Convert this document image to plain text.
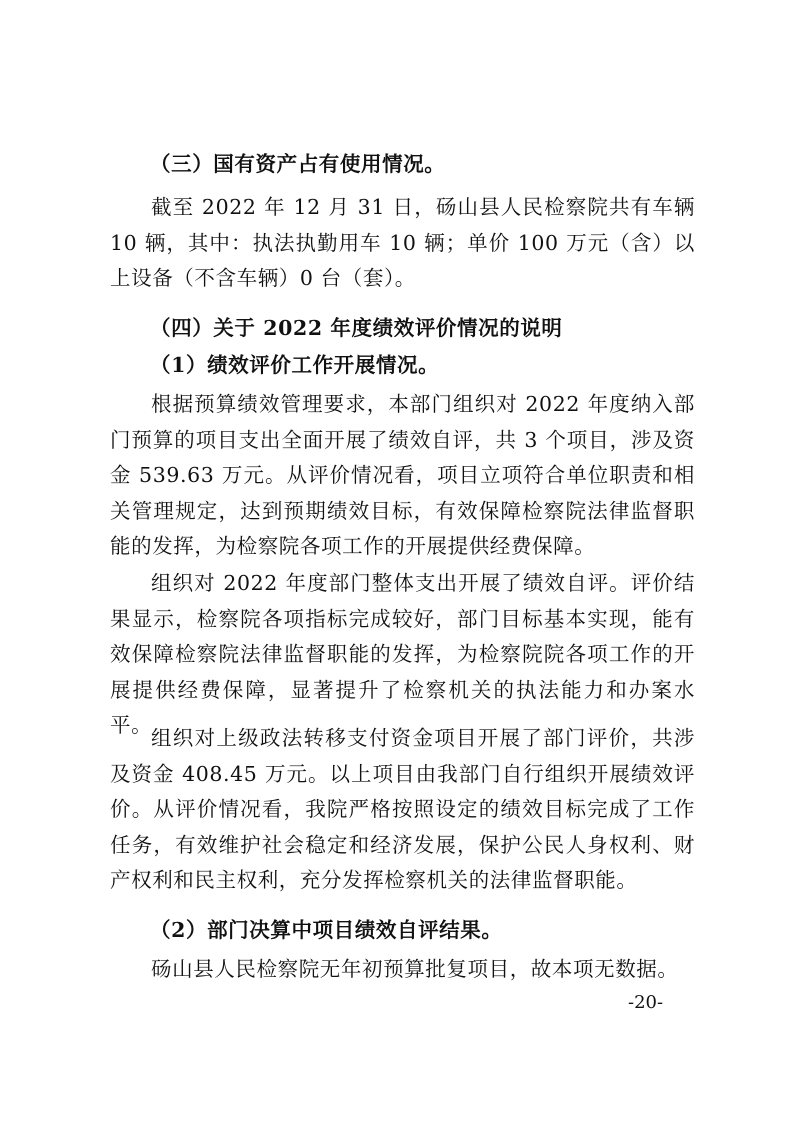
（三）国有资产占有使用情况。

截至 2022 年 12 月 31 日，砀山县人民检察院共有车辆 10 辆，其中：执法执勤用车 10 辆；单价 100 万元（含）以上设备（不含车辆）0 台（套）。

（四）关于 2022 年度绩效评价情况的说明
（1）绩效评价工作开展情况。

根据预算绩效管理要求，本部门组织对 2022 年度纳入部门预算的项目支出全面开展了绩效自评，共 3 个项目，涉及资金 539.63 万元。从评价情况看，项目立项符合单位职责和相关管理规定，达到预期绩效目标，有效保障检察院法律监督职能的发挥，为检察院各项工作的开展提供经费保障。

组织对 2022 年度部门整体支出开展了绩效自评。评价结果显示，检察院各项指标完成较好，部门目标基本实现，能有效保障检察院法律监督职能的发挥，为检察院院各项工作的开展提供经费保障，显著提升了检察机关的执法能力和办案水平。

组织对上级政法转移支付资金项目开展了部门评价，共涉及资金 408.45 万元。以上项目由我部门自行组织开展绩效评价。从评价情况看，我院严格按照设定的绩效目标完成了工作任务，有效维护社会稳定和经济发展，保护公民人身权利、财产权利和民主权利，充分发挥检察机关的法律监督职能。

（2）部门决算中项目绩效自评结果。

砀山县人民检察院无年初预算批复项目，故本项无数据。

-20-
